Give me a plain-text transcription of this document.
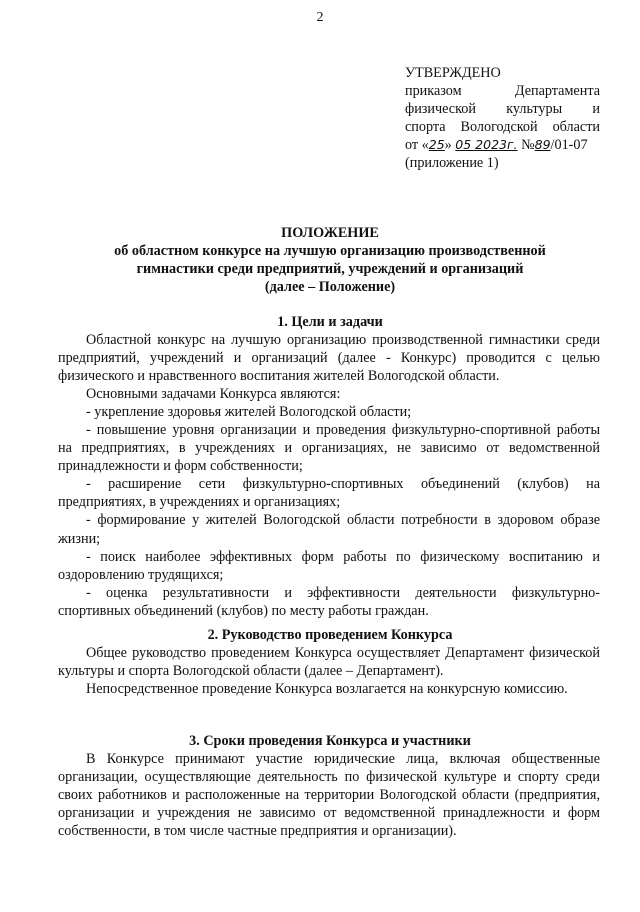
2
УТВЕРЖДЕНО
приказом Департамента
физической культуры и
спорта Вологодской области
от «25» 05 2023г. №89/01-07
(приложение 1)
ПОЛОЖЕНИЕ
об областном конкурсе на лучшую организацию производственной
гимнастики среди предприятий, учреждений и организаций
(далее – Положение)
1. Цели и задачи

Областной конкурс на лучшую организацию производственной гимнастики среди предприятий, учреждений и организаций (далее - Конкурс) проводится с целью физического и нравственного воспитания жителей Вологодской области.

Основными задачами Конкурса являются:

- укрепление здоровья жителей Вологодской области;

- повышение уровня организации и проведения физкультурно-спортивной работы на предприятиях, в учреждениях и организациях, не зависимо от ведомственной принадлежности и форм собственности;

- расширение сети физкультурно-спортивных объединений (клубов) на предприятиях, в учреждениях и организациях;

- формирование у жителей Вологодской области потребности в здоровом образе жизни;

- поиск наиболее эффективных форм работы по физическому воспитанию и оздоровлению трудящихся;

- оценка результативности и эффективности деятельности физкультурно-спортивных объединений (клубов) по месту работы граждан.

2. Руководство проведением Конкурса

Общее руководство проведением Конкурса осуществляет Департамент физической культуры и спорта Вологодской области (далее – Департамент).

Непосредственное проведение Конкурса возлагается на конкурсную комиссию.

3. Сроки проведения Конкурса и участники

В Конкурсе принимают участие юридические лица, включая общественные организации, осуществляющие деятельность по физической культуре и спорту среди своих работников и расположенные на территории Вологодской области (предприятия, организации и учреждения не зависимо от ведомственной принадлежности и форм собственности, в том числе частные предприятия и организации).
